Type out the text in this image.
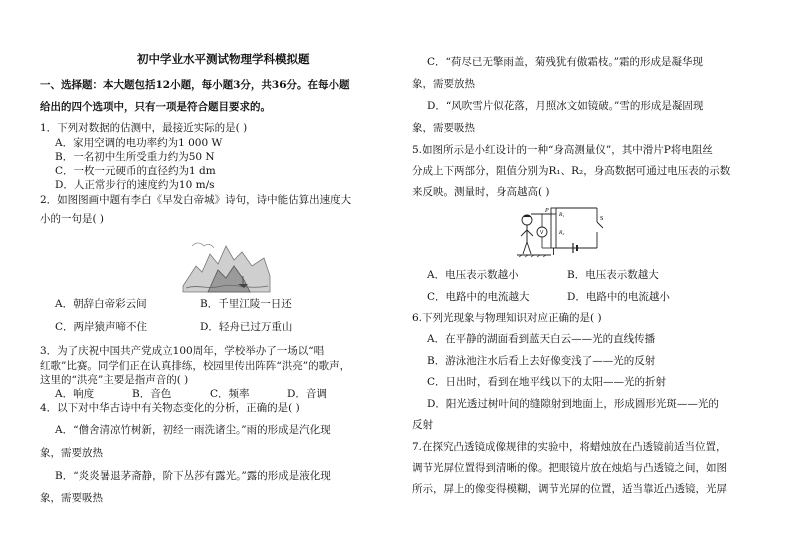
初中学业水平测试物理学科模拟题
一、选择题：本大题包括12小题，每小题3分，共36分。在每小题
给出的四个选项中，只有一项是符合题目要求的。
1．下列对数据的估测中，最接近实际的是( )
A．家用空调的电功率约为1 000 W
B．一名初中生所受重力约为50 N
C．一枚一元硬币的直径约为1 dm
D．人正常步行的速度约为10 m/s
2．如图图画中题有李白《早发白帝城》诗句，诗中能估算出速度大
小的一句是( )
A．朝辞白帝彩云间	B．千里江陵一日还
C．两岸猿声啼不住	D．轻舟已过万重山
3．为了庆祝中国共产党成立100周年，学校举办了一场以“唱
红歌”比赛。同学们正在认真排练，校园里传出阵阵“洪亮”的歌声，
这里的“洪亮”主要是指声音的( )
A．响度	B．音色	C．频率	D．音调
4．以下对中华古诗中有关物态变化的分析，正确的是( )
A．“僧舍清凉竹树新，初经一雨洗诸尘。”雨的形成是汽化现
象，需要放热
B．“炎炎暑退茅斋静，阶下丛莎有露光。”露的形成是液化现
象，需要吸热
C．“荷尽已无擎雨盖，菊残犹有傲霜枝。”霜的形成是凝华现
象，需要放热
D．“风吹雪片似花落，月照冰文如镜破。”雪的形成是凝固现
象，需要吸热
5.如图所示是小红设计的一种“身高测量仪”，其中滑片P将电阻丝
分成上下两部分，阻值分别为R₁、R₂，身高数据可通过电压表的示数
来反映。测量时，身高越高( )
P
R₁
R₂
S
V
A．电压表示数越小	B．电压表示数越大
C．电路中的电流越大	D．电路中的电流越小
6.下列光现象与物理知识对应正确的是( )
A．在平静的湖面看到蓝天白云——光的直线传播
B．游泳池注水后看上去好像变浅了——光的反射
C．日出时，看到在地平线以下的太阳——光的折射
D．阳光透过树叶间的缝隙射到地面上，形成圆形光斑——光的
反射
7.在探究凸透镜成像规律的实验中，将蜡烛放在凸透镜前适当位置，
调节光屏位置得到清晰的像。把眼镜片放在烛焰与凸透镜之间，如图
所示，屏上的像变得模糊，调节光屏的位置，适当靠近凸透镜，光屏
